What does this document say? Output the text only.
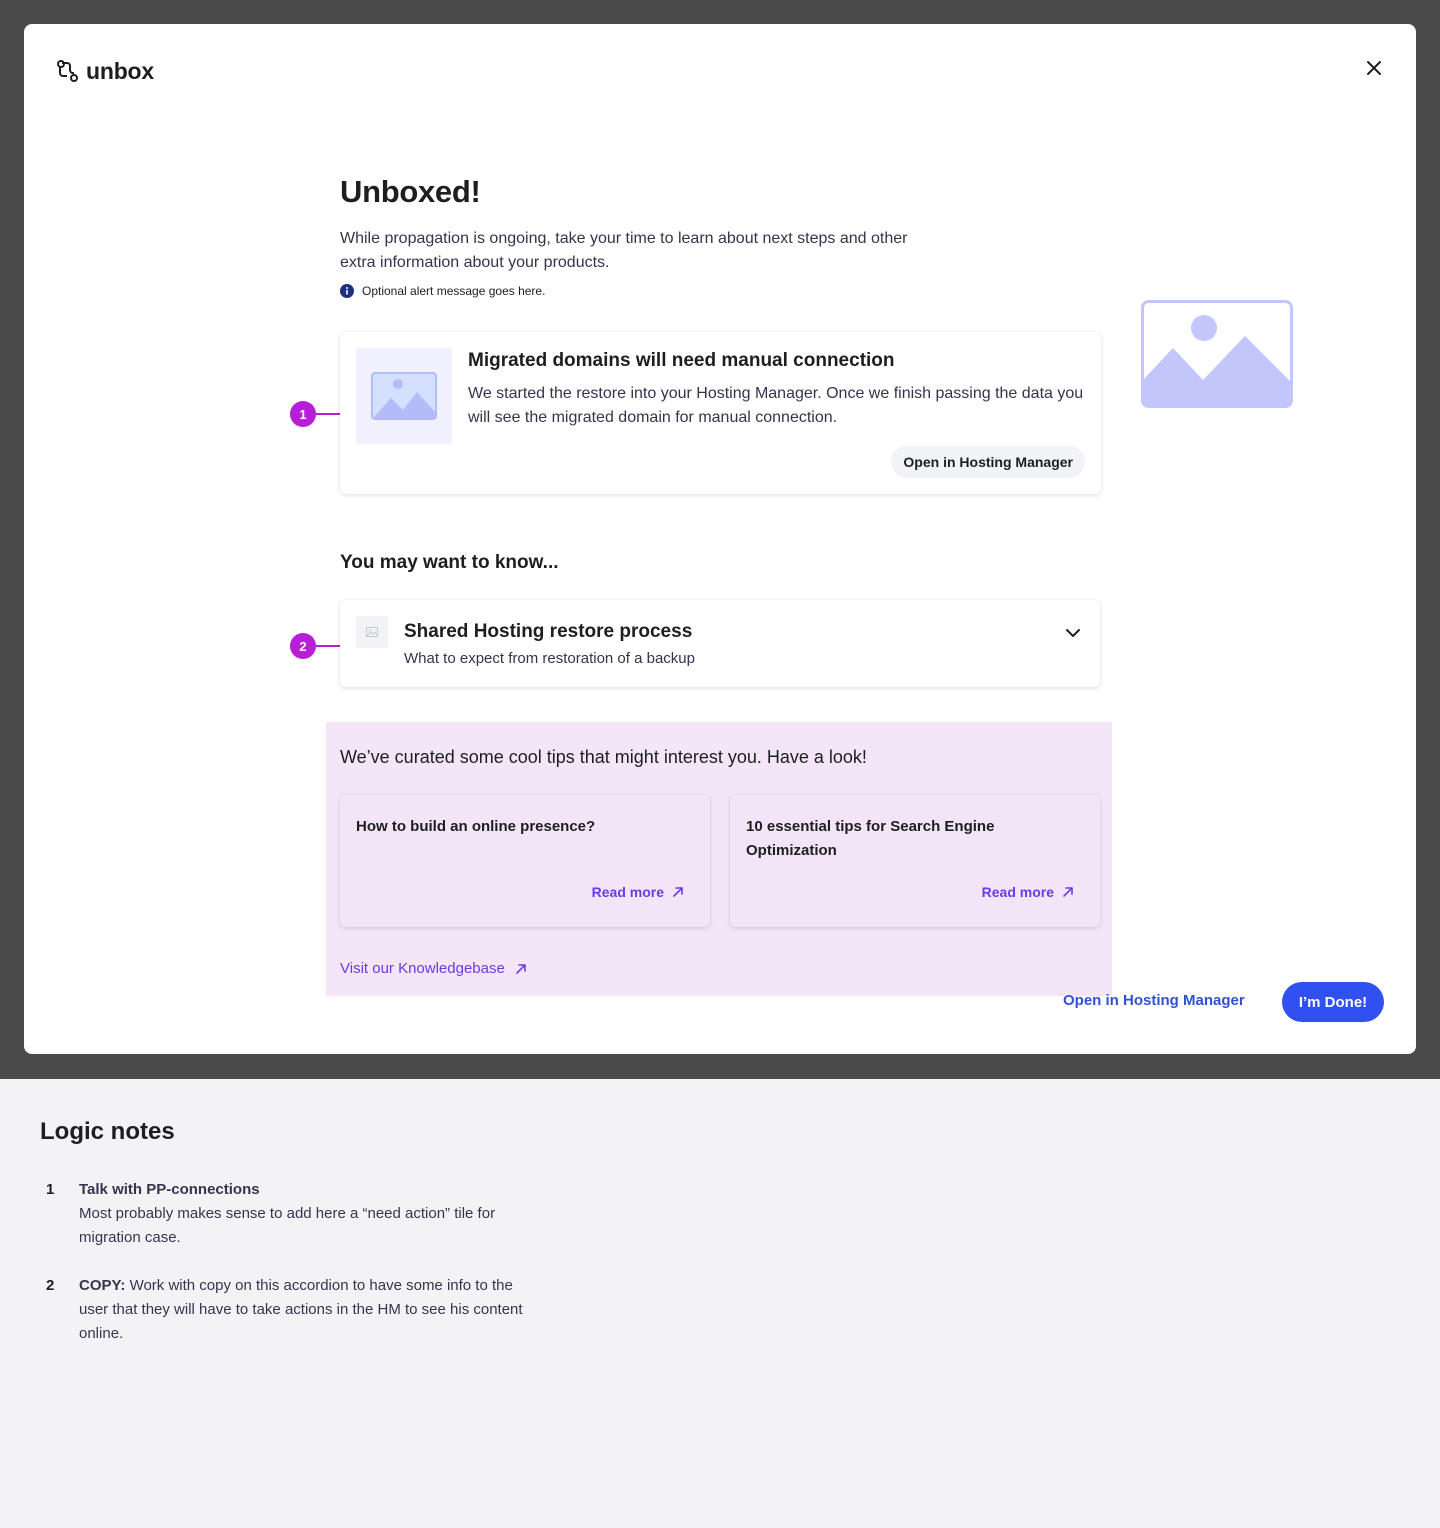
unbox
Unboxed!

While propagation is ongoing, take your time to learn about next steps and other extra information about your products.

Optional alert message goes here.
1
Migrated domains will need manual connection
We started the restore into your Hosting Manager. Once we finish passing the data you will see the migrated domain for manual connection.
Open in Hosting Manager
You may want to know...
2
Shared Hosting restore process
What to expect from restoration of a backup
We’ve curated some cool tips that might interest you. Have a look!
How to build an online presence?
Read more
10 essential tips for Search Engine Optimization
Read more
Visit our Knowledgebase
Open in Hosting Manager	I’m Done!
Logic notes
1 Talk with PP-connections
Most probably makes sense to add here a “need action” tile for migration case.
2 COPY: Work with copy on this accordion to have some info to the user that they will have to take actions in the HM to see his content online.
